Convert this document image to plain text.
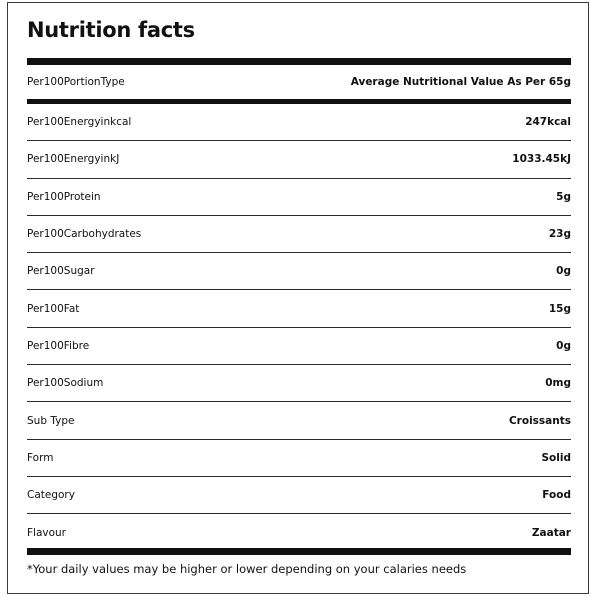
Nutrition facts
Per100PortionType	Average Nutritional Value As Per 65g
Per100Energyinkcal	247kcal
Per100EnergyinkJ	1033.45kJ
Per100Protein	5g
Per100Carbohydrates	23g
Per100Sugar	0g
Per100Fat	15g
Per100Fibre	0g
Per100Sodium	0mg
Sub Type	Croissants
Form	Solid
Category	Food
Flavour	Zaatar
*Your daily values may be higher or lower depending on your calaries needs
